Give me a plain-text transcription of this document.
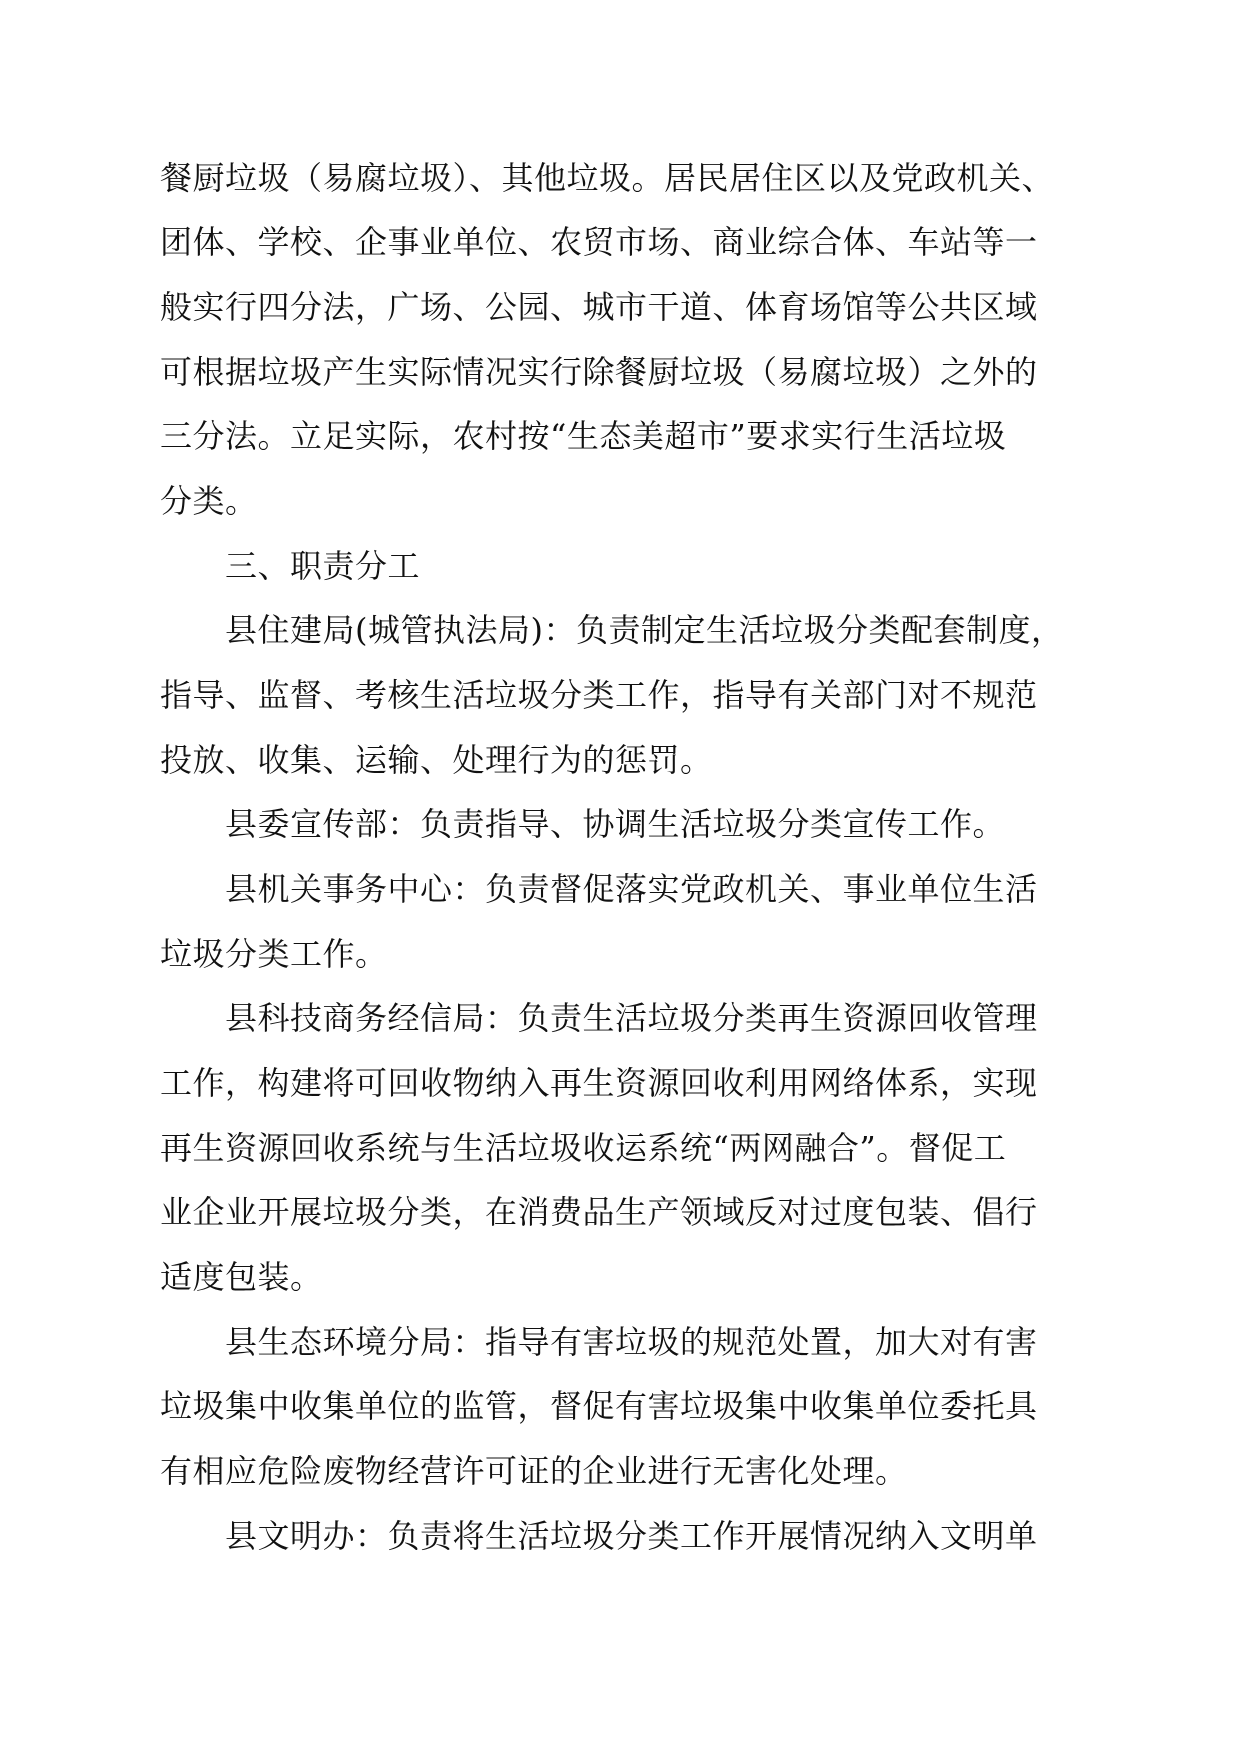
餐厨垃圾（易腐垃圾）、其他垃圾。居民居住区以及党政机关、
团体、学校、企事业单位、农贸市场、商业综合体、车站等一
般实行四分法，广场、公园、城市干道、体育场馆等公共区域
可根据垃圾产生实际情况实行除餐厨垃圾（易腐垃圾）之外的
三分法。立足实际，农村按“生态美超市”要求实行生活垃圾
分类。
三、职责分工
县住建局(城管执法局)：负责制定生活垃圾分类配套制度，
指导、监督、考核生活垃圾分类工作，指导有关部门对不规范
投放、收集、运输、处理行为的惩罚。
县委宣传部：负责指导、协调生活垃圾分类宣传工作。
县机关事务中心：负责督促落实党政机关、事业单位生活
垃圾分类工作。
县科技商务经信局：负责生活垃圾分类再生资源回收管理
工作，构建将可回收物纳入再生资源回收利用网络体系，实现
再生资源回收系统与生活垃圾收运系统“两网融合”。督促工
业企业开展垃圾分类，在消费品生产领域反对过度包装、倡行
适度包装。
县生态环境分局：指导有害垃圾的规范处置，加大对有害
垃圾集中收集单位的监管，督促有害垃圾集中收集单位委托具
有相应危险废物经营许可证的企业进行无害化处理。
县文明办：负责将生活垃圾分类工作开展情况纳入文明单
